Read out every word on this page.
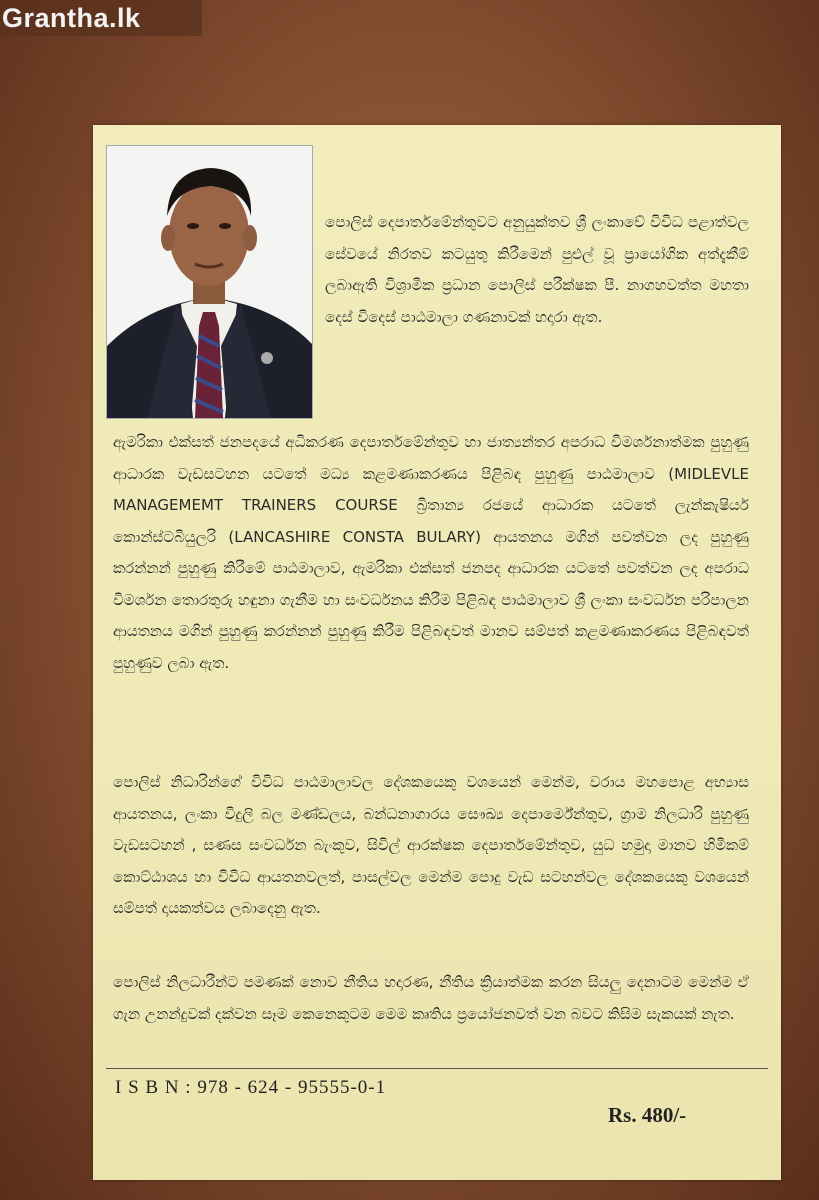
Grantha.lk

පොලිස් දෙපාර්තමේන්තුවට අනුයුක්තව ශ්‍රී ලංකාවේ විවිධ පළාත්වල සේවයේ නිරතව කටයුතු කිරීමෙන් පුළුල් වූ ප්‍රායෝගික අත්දැකීම් ලබාඇති විශ්‍රාමික ප්‍රධාන පොලිස් පරීක්ෂක පී. නාගහවත්ත මහතා දෙස් විදෙස් පාඨමාලා ගණනාවක් හදාරා ඇත.

ඇමරිකා එක්සත් ජනපදයේ අධිකරණ දෙපාර්තමේන්තුව හා ජාත්‍යන්තර අපරාධ විමර්ශනාත්මක පුහුණු ආධාරක වැඩසටහන යටතේ මධ්‍ය කළමණාකරණය පිළිබඳ පුහුණු පාඨමාලාව (MIDLEVLE MANAGEMEMT TRAINERS COURSE බ්‍රිතාන්‍ය රජයේ ආධාරක යටතේ ලැන්කැෂියර් කොන්ස්ටබියුලරි (LANCASHIRE CONSTA BULARY) ආයතනය මගින් පවත්වන ලද පුහුණු කරන්නන් පුහුණු කිරීමේ පාඨමාලාව, ඇමරිකා එක්සත් ජනපද ආධාරක යටතේ පවත්වන ලද අපරාධ විමර්ශන තොරතුරු හඳුනා ගැනීම හා සංවර්ධනය කිරීම පිළිබඳ පාඨමාලාව ශ්‍රී ලංකා සංවර්ධන පරිපාලන ආයතනය මගින් පුහුණු කරන්නන් පුහුණු කිරීම පිළිබඳවත් මානව සම්පත් කළමණාකරණය පිළිබඳවත් පුහුණුව ලබා ඇත.

පොලිස් නිධාරින්ගේ විවිධ පාඨමාලාවල දේශකයෙකු වශයෙන් මෙන්ම, වරාය මහපොළ අභ්‍යාස ආයතනය, ලංකා විදුලි බල මණ්ඩලය, බන්ධනාගාරය සෞඛ්‍ය දෙපාර්මේන්තුව, ග්‍රාම නිලධාරි පුහුණු වැඩසටහන් , සණස සංවර්ධන බැංකුව, සිවිල් ආරක්ෂක දෙපාර්තමේන්තුව, යුධ හමුදා මානව හිමිකම් කොට්ඨාශය හා විවිධ ආයතනවලත්, පාසල්වල මෙන්ම පොදු වැඩ සටහන්වල දේශකයෙකු වශයෙන් සම්පත් දායකත්වය ලබාදෙනු ඇත.

පොලිස් නිලධාරීන්ට පමණක් නොව නීතිය හදාරණ, නීතිය ක්‍රියාත්මක කරන සියලු දෙනාටම මෙන්ම ඒ ගැන උනන්දුවක් දක්වන සෑම කෙනෙකුටම මෙම කෘතිය ප්‍රයෝජනවත් වන බවට කිසිම සැකයක් නැත.

I S B N : 978 - 624 - 95555-0-1
Rs. 480/-
